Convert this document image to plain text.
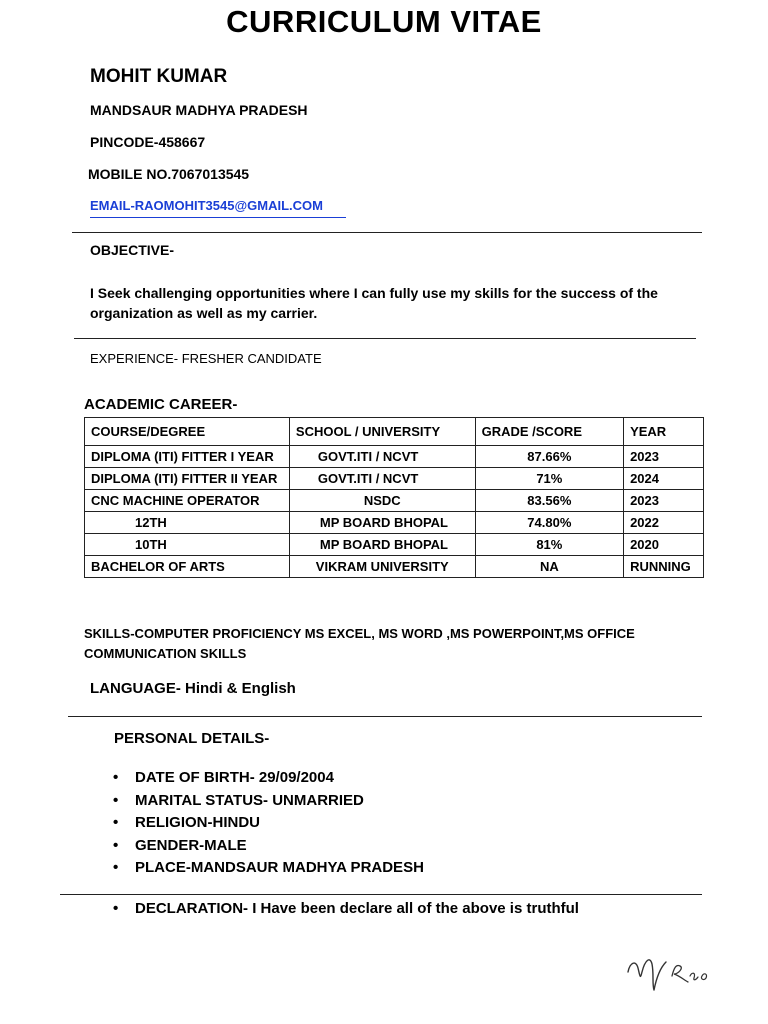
CURRICULUM VITAE
MOHIT KUMAR
MANDSAUR MADHYA PRADESH
PINCODE-458667
MOBILE NO.7067013545
EMAIL-RAOMOHIT3545@GMAIL.COM
OBJECTIVE-
I Seek challenging opportunities where I can fully use my skills for the success of the organization as well as my carrier.
EXPERIENCE- FRESHER CANDIDATE
ACADEMIC CAREER-
COURSE/DEGREE	SCHOOL / UNIVERSITY	GRADE /SCORE	YEAR
DIPLOMA (ITI) FITTER I YEAR	GOVT.ITI / NCVT	87.66%	2023
DIPLOMA (ITI) FITTER II YEAR	GOVT.ITI / NCVT	71%	2024
CNC MACHINE OPERATOR	NSDC	83.56%	2023
12TH	MP BOARD BHOPAL	74.80%	2022
10TH	MP BOARD BHOPAL	81%	2020
BACHELOR OF ARTS	VIKRAM UNIVERSITY	NA	RUNNING
SKILLS-COMPUTER PROFICIENCY MS EXCEL, MS WORD ,MS POWERPOINT,MS OFFICE COMMUNICATION SKILLS
LANGUAGE- Hindi & English
PERSONAL DETAILS-
• DATE OF BIRTH- 29/09/2004
• MARITAL STATUS- UNMARRIED
• RELIGION-HINDU
• GENDER-MALE
• PLACE-MANDSAUR MADHYA PRADESH
• DECLARATION- I Have been declare all of the above is truthful
